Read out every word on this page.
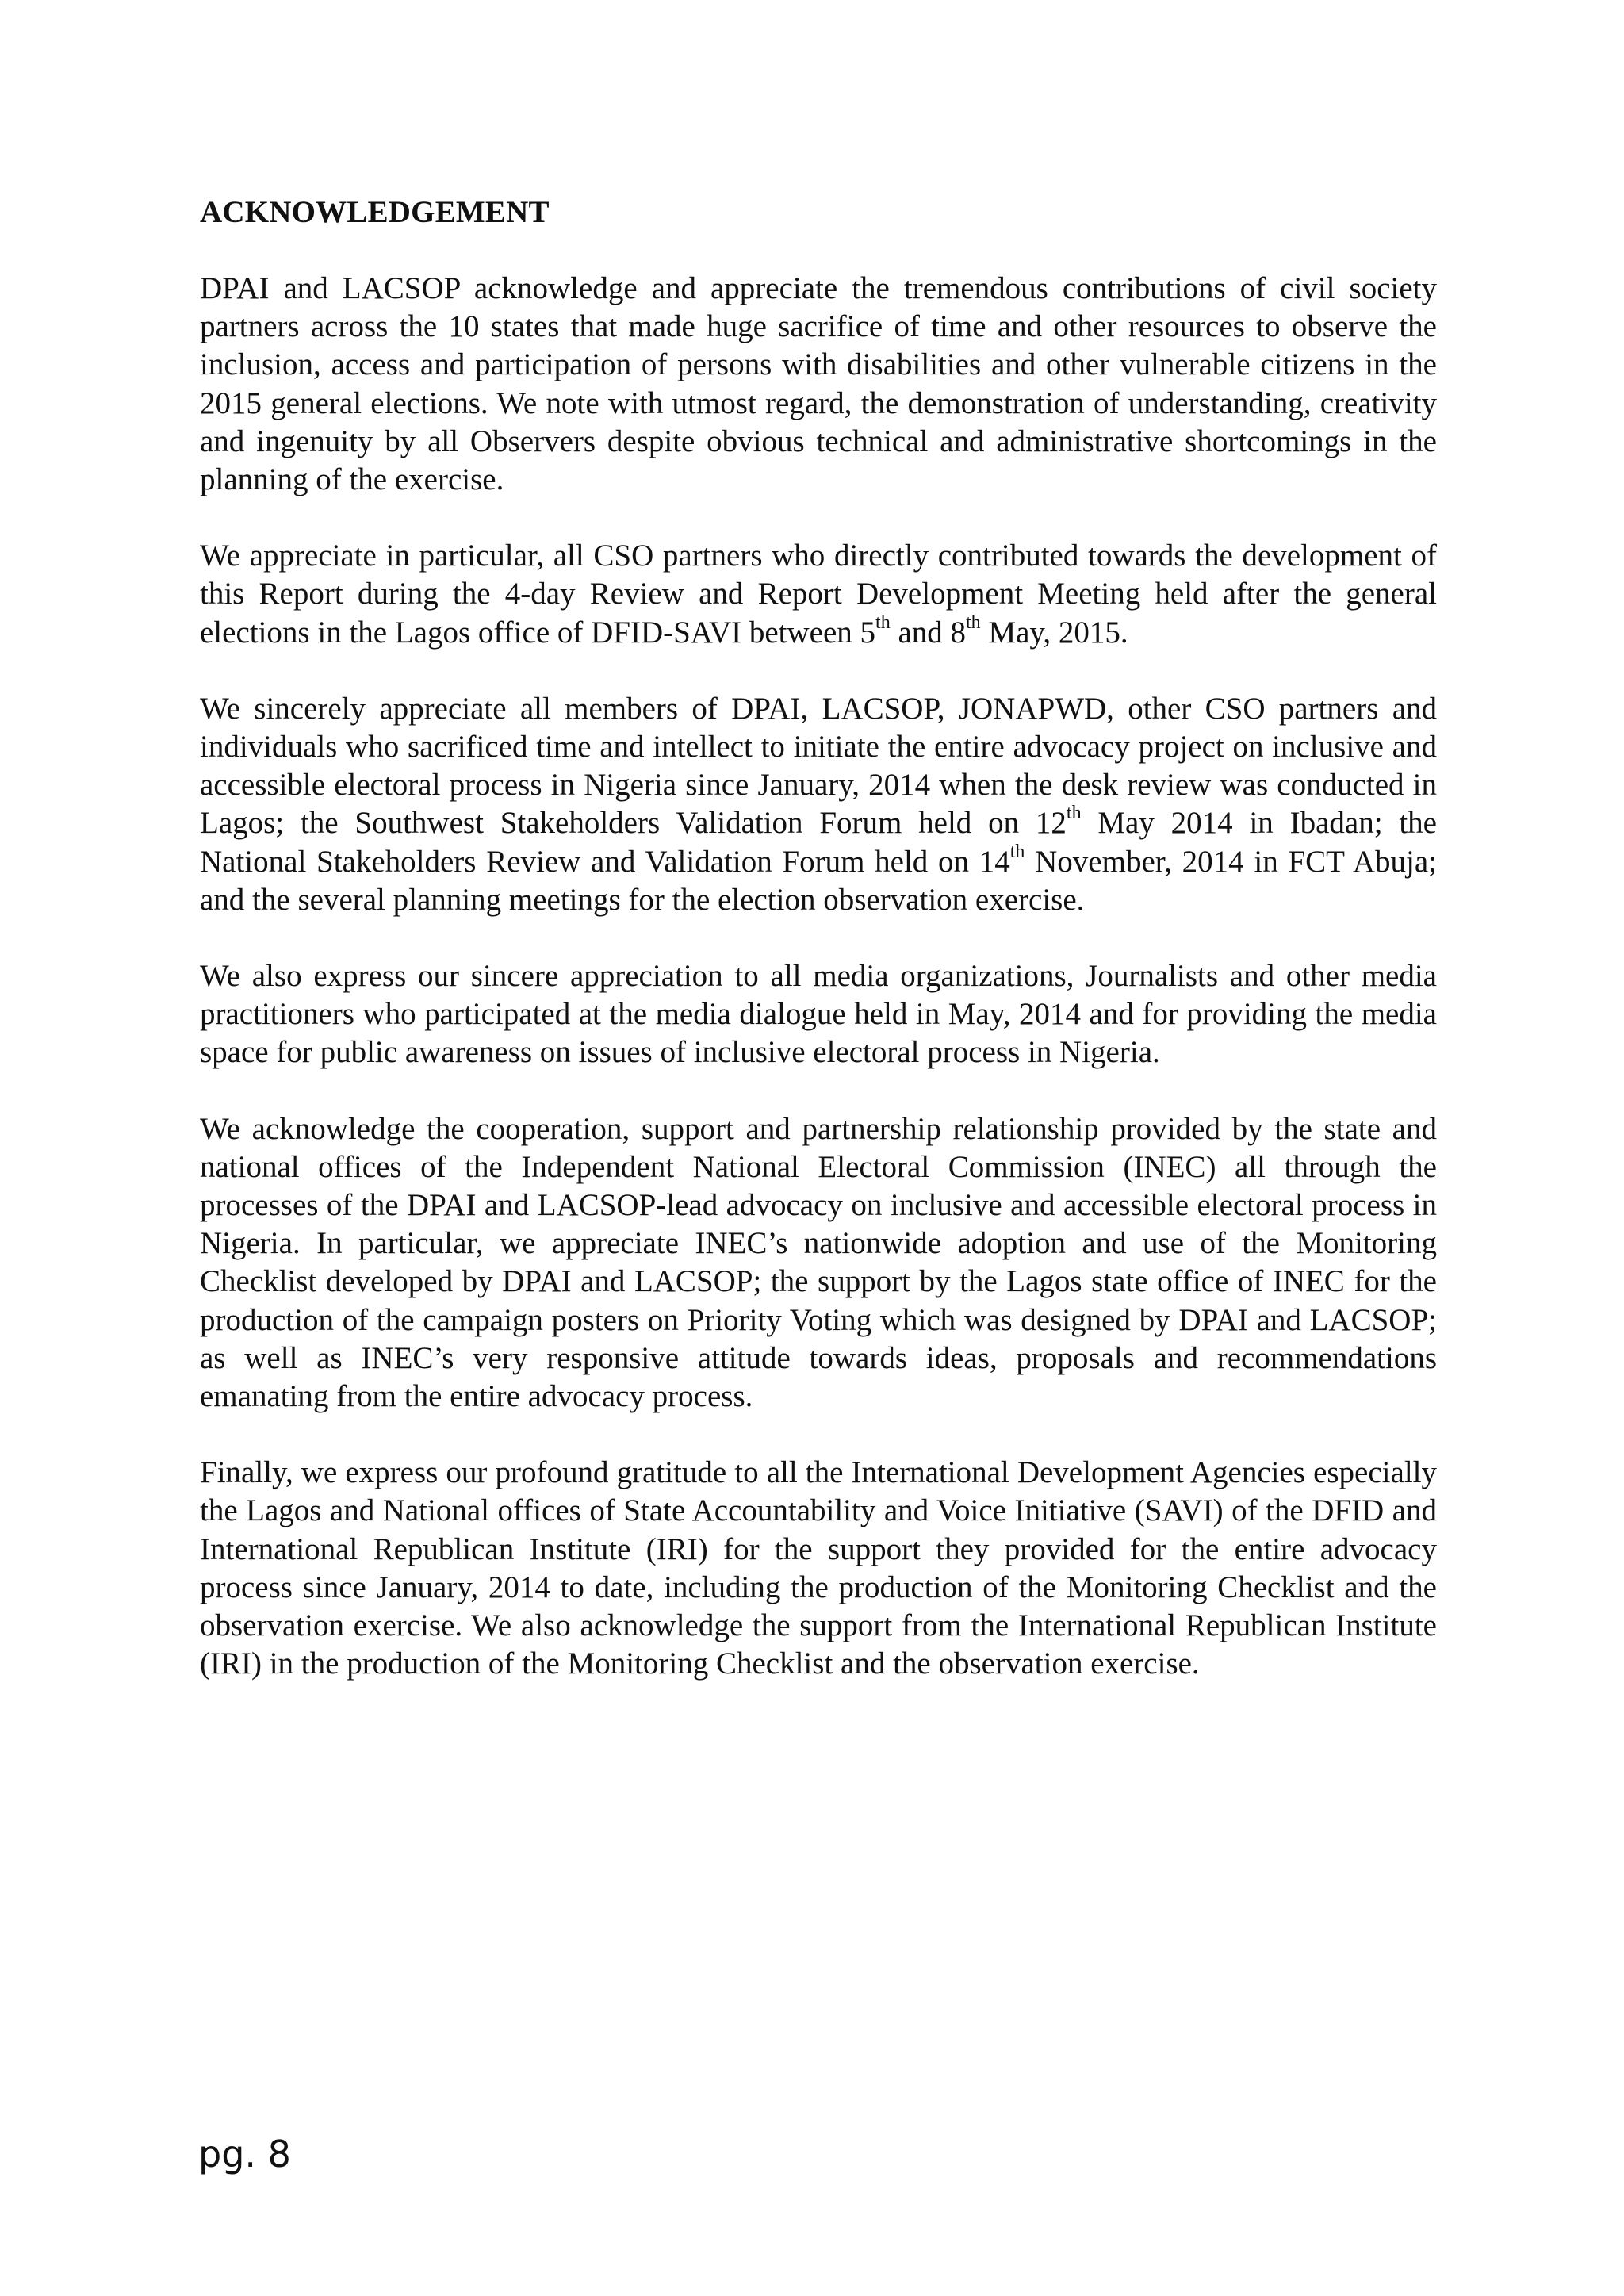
ACKNOWLEDGEMENT

DPAI and LACSOP acknowledge and appreciate the tremendous contributions of civil society partners across the 10 states that made huge sacrifice of time and other resources to observe the inclusion, access and participation of persons with disabilities and other vulnerable citizens in the 2015 general elections. We note with utmost regard, the demonstration of understanding, creativity and ingenuity by all Observers despite obvious technical and administrative shortcomings in the planning of the exercise.

We appreciate in particular, all CSO partners who directly contributed towards the development of this Report during the 4-day Review and Report Development Meeting held after the general elections in the Lagos office of DFID-SAVI between 5th and 8th May, 2015.

We sincerely appreciate all members of DPAI, LACSOP, JONAPWD, other CSO partners and individuals who sacrificed time and intellect to initiate the entire advocacy project on inclusive and accessible electoral process in Nigeria since January, 2014 when the desk review was conducted in Lagos; the Southwest Stakeholders Validation Forum held on 12th May 2014 in Ibadan; the National Stakeholders Review and Validation Forum held on 14th November, 2014 in FCT Abuja; and the several planning meetings for the election observation exercise.

We also express our sincere appreciation to all media organizations, Journalists and other media practitioners who participated at the media dialogue held in May, 2014 and for providing the media space for public awareness on issues of inclusive electoral process in Nigeria.

We acknowledge the cooperation, support and partnership relationship provided by the state and national offices of the Independent National Electoral Commission (INEC) all through the processes of the DPAI and LACSOP-lead advocacy on inclusive and accessible electoral process in Nigeria. In particular, we appreciate INEC’s nationwide adoption and use of the Monitoring Checklist developed by DPAI and LACSOP; the support by the Lagos state office of INEC for the production of the campaign posters on Priority Voting which was designed by DPAI and LACSOP; as well as INEC’s very responsive attitude towards ideas, proposals and recommendations emanating from the entire advocacy process.

Finally, we express our profound gratitude to all the International Development Agencies especially the Lagos and National offices of State Accountability and Voice Initiative (SAVI) of the DFID and International Republican Institute (IRI) for the support they provided for the entire advocacy process since January, 2014 to date, including the production of the Monitoring Checklist and the observation exercise. We also acknowledge the support from the International Republican Institute (IRI) in the production of the Monitoring Checklist and the observation exercise.

pg. 8
